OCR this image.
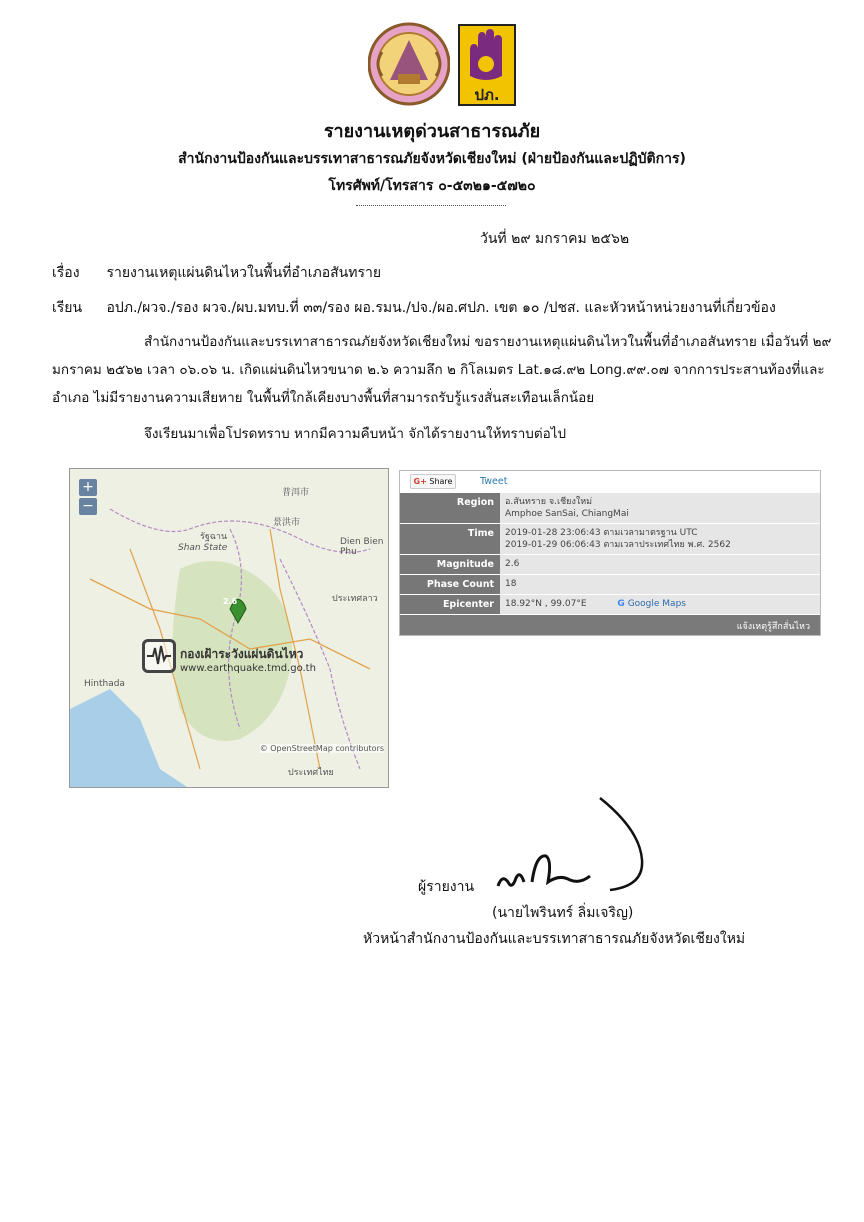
ปภ.
รายงานเหตุด่วนสาธารณภัย
สำนักงานป้องกันและบรรเทาสาธารณภัยจังหวัดเชียงใหม่ (ฝ่ายป้องกันและปฏิบัติการ)
โทรศัพท์/โทรสาร ๐-๕๓๒๑-๕๗๒๐
วันที่ ๒๙ มกราคม ๒๕๖๒
เรื่อง รายงานเหตุแผ่นดินไหวในพื้นที่อำเภอสันทราย
เรียน อปภ./ผวจ./รอง ผวจ./ผบ.มทบ.ที่ ๓๓/รอง ผอ.รมน./ปจ./ผอ.ศปภ. เขต ๑๐ /ปชส. และหัวหน้าหน่วยงานที่เกี่ยวข้อง
สำนักงานป้องกันและบรรเทาสาธารณภัยจังหวัดเชียงใหม่ ขอรายงานเหตุแผ่นดินไหวในพื้นที่อำเภอสันทราย เมื่อวันที่ ๒๙ มกราคม ๒๕๖๒ เวลา ๐๖.๐๖ น. เกิดแผ่นดินไหวขนาด ๒.๖ ความลึก ๒ กิโลเมตร Lat.๑๘.๙๒ Long.๙๙.๐๗ จากการประสานท้องที่และอำเภอ ไม่มีรายงานความเสียหาย ในพื้นที่ใกล้เคียงบางพื้นที่สามารถรับรู้แรงสั่นสะเทือนเล็กน้อย
จึงเรียนมาเพื่อโปรดทราบ หากมีความคืบหน้า จักได้รายงานให้ทราบต่อไป
2.6
+
−
รัฐฉาน
Shan State
普洱市
景洪市
Dien Bien Phu
Hinthada
ประเทศไทย
ประเทศลาว
กองเฝ้าระวังแผ่นดินไหว
www.earthquake.tmd.go.th
© OpenStreetMap contributors
G+ Share	Tweet
Region	อ.สันทราย จ.เชียงใหม่
Amphoe SanSai, ChiangMai

Time	2019-01-28 23:06:43 ตามเวลามาตรฐาน UTC
2019-01-29 06:06:43 ตามเวลาประเทศไทย พ.ศ. 2562

Magnitude	2.6
Phase Count	18
Epicenter	18.92°N , 99.07°E G Google Maps
แจ้งเหตุรู้สึกสั่นไหว
ผู้รายงาน
(นายไพรินทร์ ลิ่มเจริญ)
หัวหน้าสำนักงานป้องกันและบรรเทาสาธารณภัยจังหวัดเชียงใหม่
